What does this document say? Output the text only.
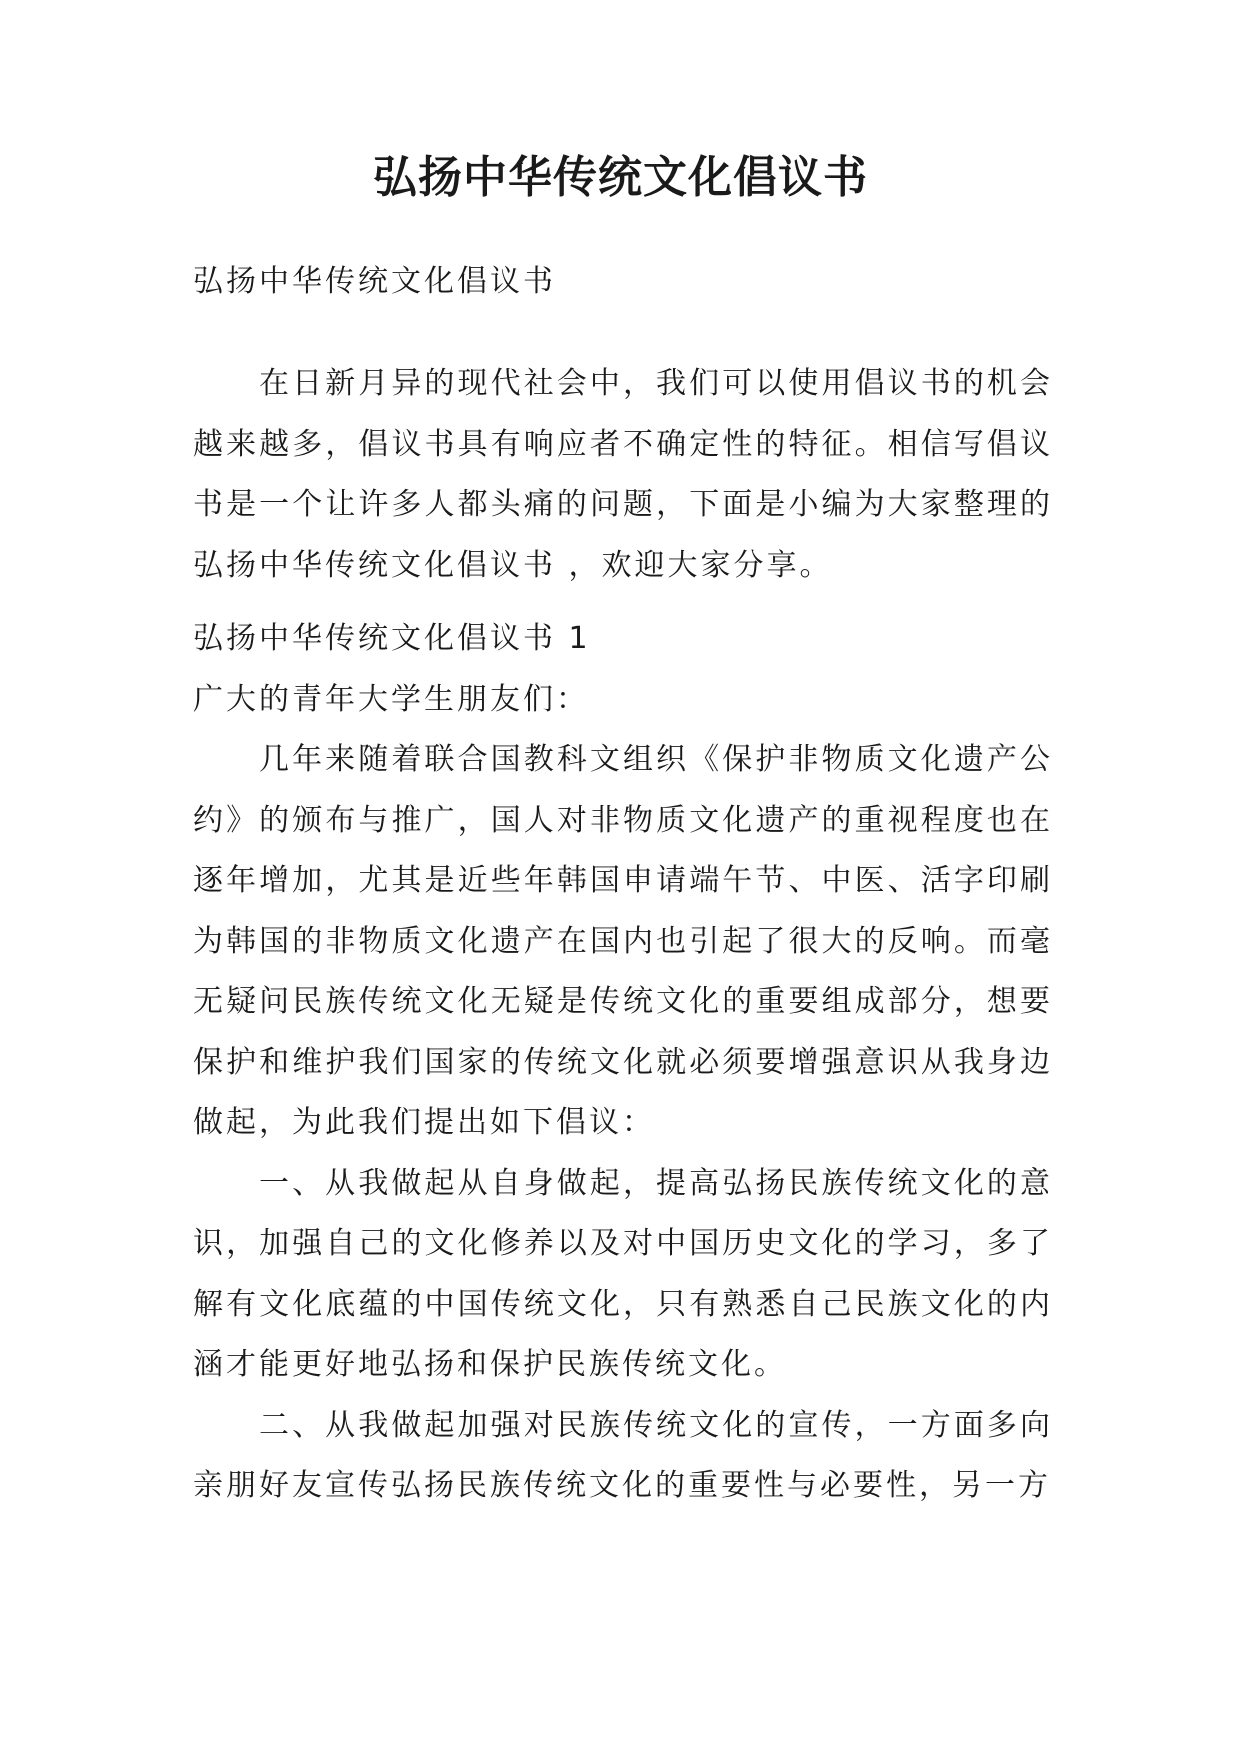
弘扬中华传统文化倡议书

弘扬中华传统文化倡议书

在日新月异的现代社会中，我们可以使用倡议书的机会越来越多，倡议书具有响应者不确定性的特征。相信写倡议书是一个让许多人都头痛的问题，下面是小编为大家整理的弘扬中华传统文化倡议书 ，欢迎大家分享。

弘扬中华传统文化倡议书 1

广大的青年大学生朋友们：

几年来随着联合国教科文组织《保护非物质文化遗产公约》的颁布与推广，国人对非物质文化遗产的重视程度也在逐年增加，尤其是近些年韩国申请端午节、中医、活字印刷为韩国的非物质文化遗产在国内也引起了很大的反响。而毫无疑问民族传统文化无疑是传统文化的重要组成部分，想要保护和维护我们国家的传统文化就必须要增强意识从我身边做起，为此我们提出如下倡议：

一、从我做起从自身做起，提高弘扬民族传统文化的意识，加强自己的文化修养以及对中国历史文化的学习，多了解有文化底蕴的中国传统文化，只有熟悉自己民族文化的内涵才能更好地弘扬和保护民族传统文化。

二、从我做起加强对民族传统文化的宣传，一方面多向亲朋好友宣传弘扬民族传统文化的重要性与必要性，另一方
